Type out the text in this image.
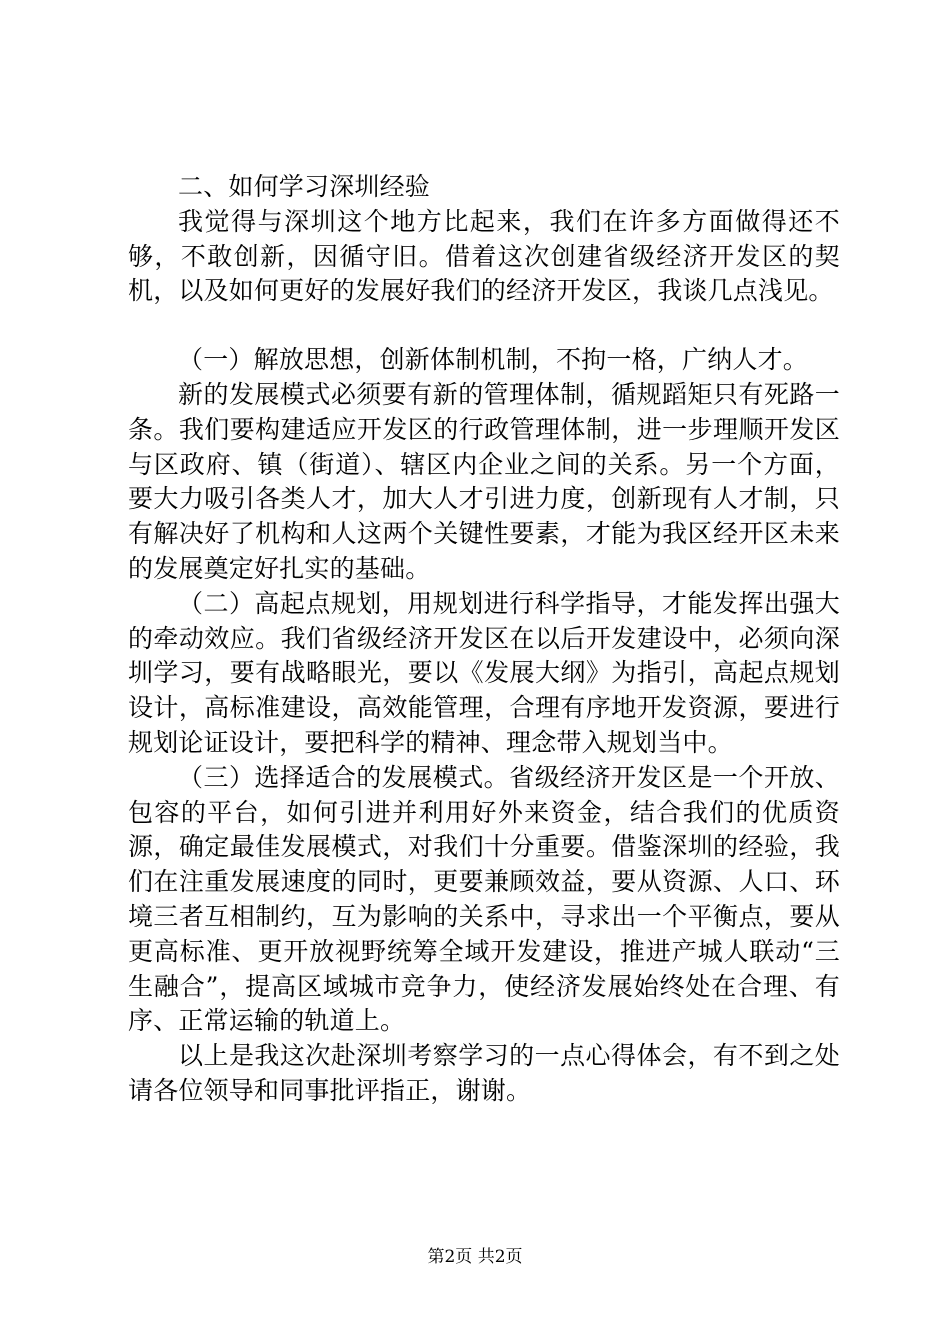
二、如何学习深圳经验

我觉得与深圳这个地方比起来，我们在许多方面做得还不够，不敢创新，因循守旧。借着这次创建省级经济开发区的契机，以及如何更好的发展好我们的经济开发区，我谈几点浅见。

（一）解放思想，创新体制机制，不拘一格，广纳人才。

新的发展模式必须要有新的管理体制，循规蹈矩只有死路一条。我们要构建适应开发区的行政管理体制，进一步理顺开发区与区政府、镇（街道）、辖区内企业之间的关系。另一个方面，要大力吸引各类人才，加大人才引进力度，创新现有人才制，只有解决好了机构和人这两个关键性要素，才能为我区经开区未来的发展奠定好扎实的基础。

（二）高起点规划，用规划进行科学指导，才能发挥出强大的牵动效应。我们省级经济开发区在以后开发建设中，必须向深圳学习，要有战略眼光，要以《发展大纲》为指引，高起点规划设计，高标准建设，高效能管理，合理有序地开发资源，要进行规划论证设计，要把科学的精神、理念带入规划当中。

（三）选择适合的发展模式。省级经济开发区是一个开放、包容的平台，如何引进并利用好外来资金，结合我们的优质资源，确定最佳发展模式，对我们十分重要。借鉴深圳的经验，我们在注重发展速度的同时，更要兼顾效益，要从资源、人口、环境三者互相制约，互为影响的关系中，寻求出一个平衡点，要从更高标准、更开放视野统筹全域开发建设，推进产城人联动“三生融合”，提高区域城市竞争力，使经济发展始终处在合理、有序、正常运输的轨道上。

以上是我这次赴深圳考察学习的一点心得体会，有不到之处请各位领导和同事批评指正，谢谢。

第2页 共2页
